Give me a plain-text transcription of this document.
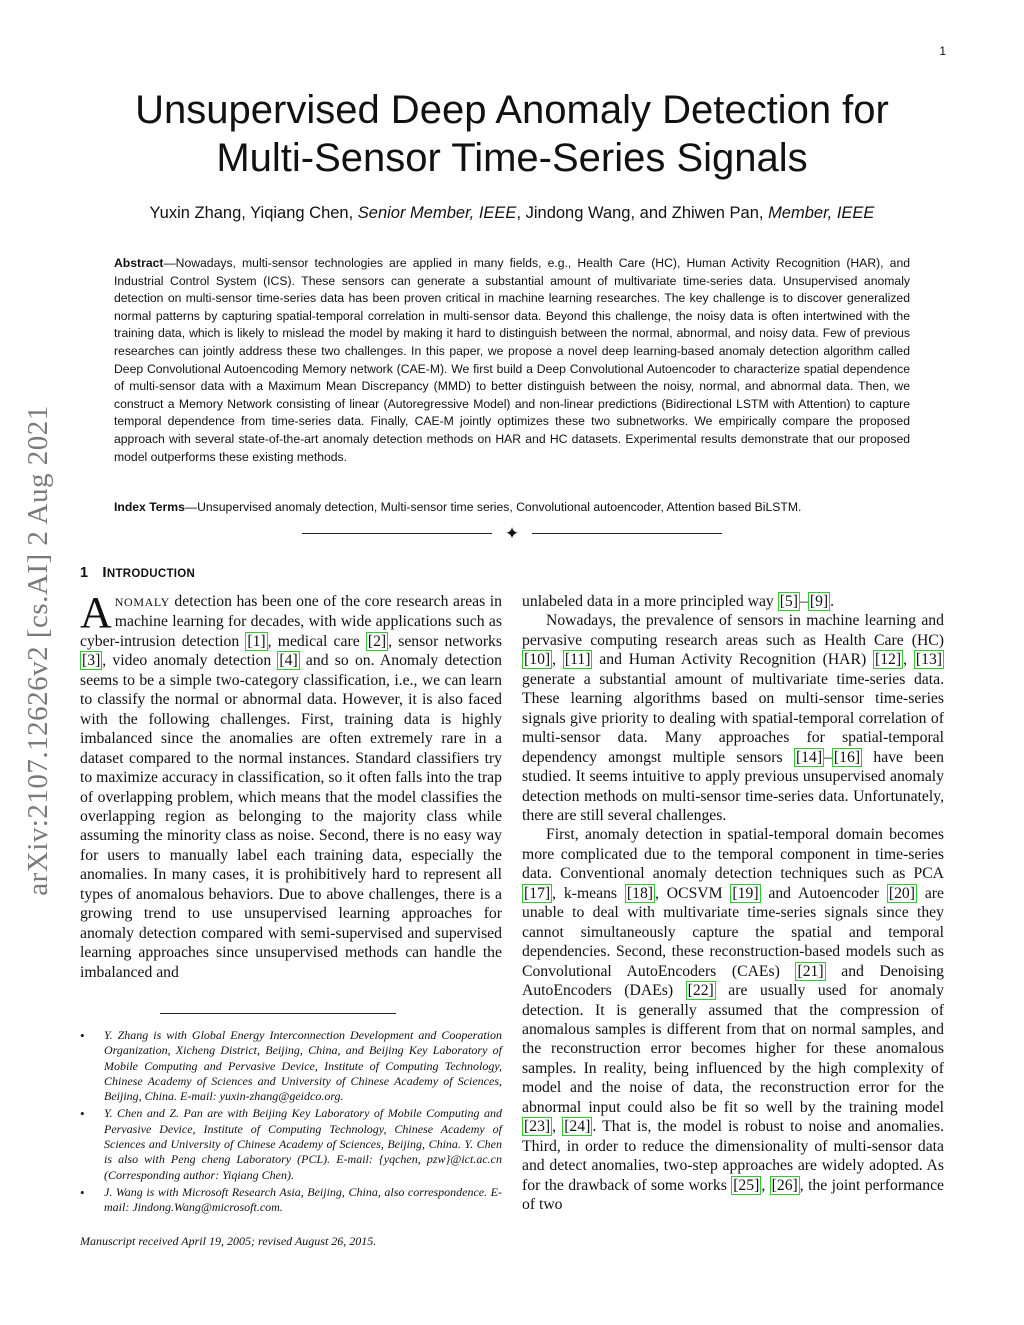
1
arXiv:2107.12626v2 [cs.AI] 2 Aug 2021
Unsupervised Deep Anomaly Detection for
Multi-Sensor Time-Series Signals
Yuxin Zhang, Yiqiang Chen, Senior Member, IEEE, Jindong Wang, and Zhiwen Pan, Member, IEEE

Abstract—Nowadays, multi-sensor technologies are applied in many fields, e.g., Health Care (HC), Human Activity Recognition (HAR), and Industrial Control System (ICS). These sensors can generate a substantial amount of multivariate time-series data. Unsupervised anomaly detection on multi-sensor time-series data has been proven critical in machine learning researches. The key challenge is to discover generalized normal patterns by capturing spatial-temporal correlation in multi-sensor data. Beyond this challenge, the noisy data is often intertwined with the training data, which is likely to mislead the model by making it hard to distinguish between the normal, abnormal, and noisy data. Few of previous researches can jointly address these two challenges. In this paper, we propose a novel deep learning-based anomaly detection algorithm called Deep Convolutional Autoencoding Memory network (CAE-M). We first build a Deep Convolutional Autoencoder to characterize spatial dependence of multi-sensor data with a Maximum Mean Discrepancy (MMD) to better distinguish between the noisy, normal, and abnormal data. Then, we construct a Memory Network consisting of linear (Autoregressive Model) and non-linear predictions (Bidirectional LSTM with Attention) to capture temporal dependence from time-series data. Finally, CAE-M jointly optimizes these two subnetworks. We empirically compare the proposed approach with several state-of-the-art anomaly detection methods on HAR and HC datasets. Experimental results demonstrate that our proposed model outperforms these existing methods.

Index Terms—Unsupervised anomaly detection, Multi-sensor time series, Convolutional autoencoder, Attention based BiLSTM.

✦
1 INTRODUCTION

ANOMALY detection has been one of the core research areas in machine learning for decades, with wide applications such as cyber-intrusion detection [1] , medical care [2] , sensor networks [3] , video anomaly detection [4] and so on. Anomaly detection seems to be a simple two-category classification, i.e., we can learn to classify the normal or abnormal data. However, it is also faced with the following challenges. First, training data is highly imbalanced since the anomalies are often extremely rare in a dataset compared to the normal instances. Standard classifiers try to maximize accuracy in classification, so it often falls into the trap of overlapping problem, which means that the model classifies the overlapping region as belonging to the majority class while assuming the minority class as noise. Second, there is no easy way for users to manually label each training data, especially the anomalies. In many cases, it is prohibitively hard to represent all types of anomalous behaviors. Due to above challenges, there is a growing trend to use unsupervised learning approaches for anomaly detection compared with semi-supervised and supervised learning approaches since unsupervised methods can handle the imbalanced and

unlabeled data in a more principled way [5] – [9] .

Nowadays, the prevalence of sensors in machine learning and pervasive computing research areas such as Health Care (HC) [10] , [11] and Human Activity Recognition (HAR) [12] , [13] generate a substantial amount of multivariate time-series data. These learning algorithms based on multi-sensor time-series signals give priority to dealing with spatial-temporal correlation of multi-sensor data. Many approaches for spatial-temporal dependency amongst multiple sensors [14] – [16] have been studied. It seems intuitive to apply previous unsupervised anomaly detection methods on multi-sensor time-series data. Unfortunately, there are still several challenges.

First, anomaly detection in spatial-temporal domain becomes more complicated due to the temporal component in time-series data. Conventional anomaly detection techniques such as PCA [17] , k-means [18] , OCSVM [19] and Autoencoder [20] are unable to deal with multivariate time-series signals since they cannot simultaneously capture the spatial and temporal dependencies. Second, these reconstruction-based models such as Convolutional AutoEncoders (CAEs) [21] and Denoising AutoEncoders (DAEs) [22] are usually used for anomaly detection. It is generally assumed that the compression of anomalous samples is different from that on normal samples, and the reconstruction error becomes higher for these anomalous samples. In reality, being influenced by the high complexity of model and the noise of data, the reconstruction error for the abnormal input could also be fit so well by the training model [23] , [24] . That is, the model is robust to noise and anomalies. Third, in order to reduce the dimensionality of multi-sensor data and detect anomalies, two-step approaches are widely adopted. As for the drawback of some works [25] , [26] , the joint performance of two

• Y. Zhang is with Global Energy Interconnection Development and Cooperation Organization, Xicheng District, Beijing, China, and Beijing Key Laboratory of Mobile Computing and Pervasive Device, Institute of Computing Technology, Chinese Academy of Sciences and University of Chinese Academy of Sciences, Beijing, China. E-mail: yuxin-zhang@geidco.org.
• Y. Chen and Z. Pan are with Beijing Key Laboratory of Mobile Computing and Pervasive Device, Institute of Computing Technology, Chinese Academy of Sciences and University of Chinese Academy of Sciences, Beijing, China. Y. Chen is also with Peng cheng Laboratory (PCL). E-mail: {yqchen, pzw}@ict.ac.cn (Corresponding author: Yiqiang Chen).
• J. Wang is with Microsoft Research Asia, Beijing, China, also correspondence. E-mail: Jindong.Wang@microsoft.com.

Manuscript received April 19, 2005; revised August 26, 2015.
